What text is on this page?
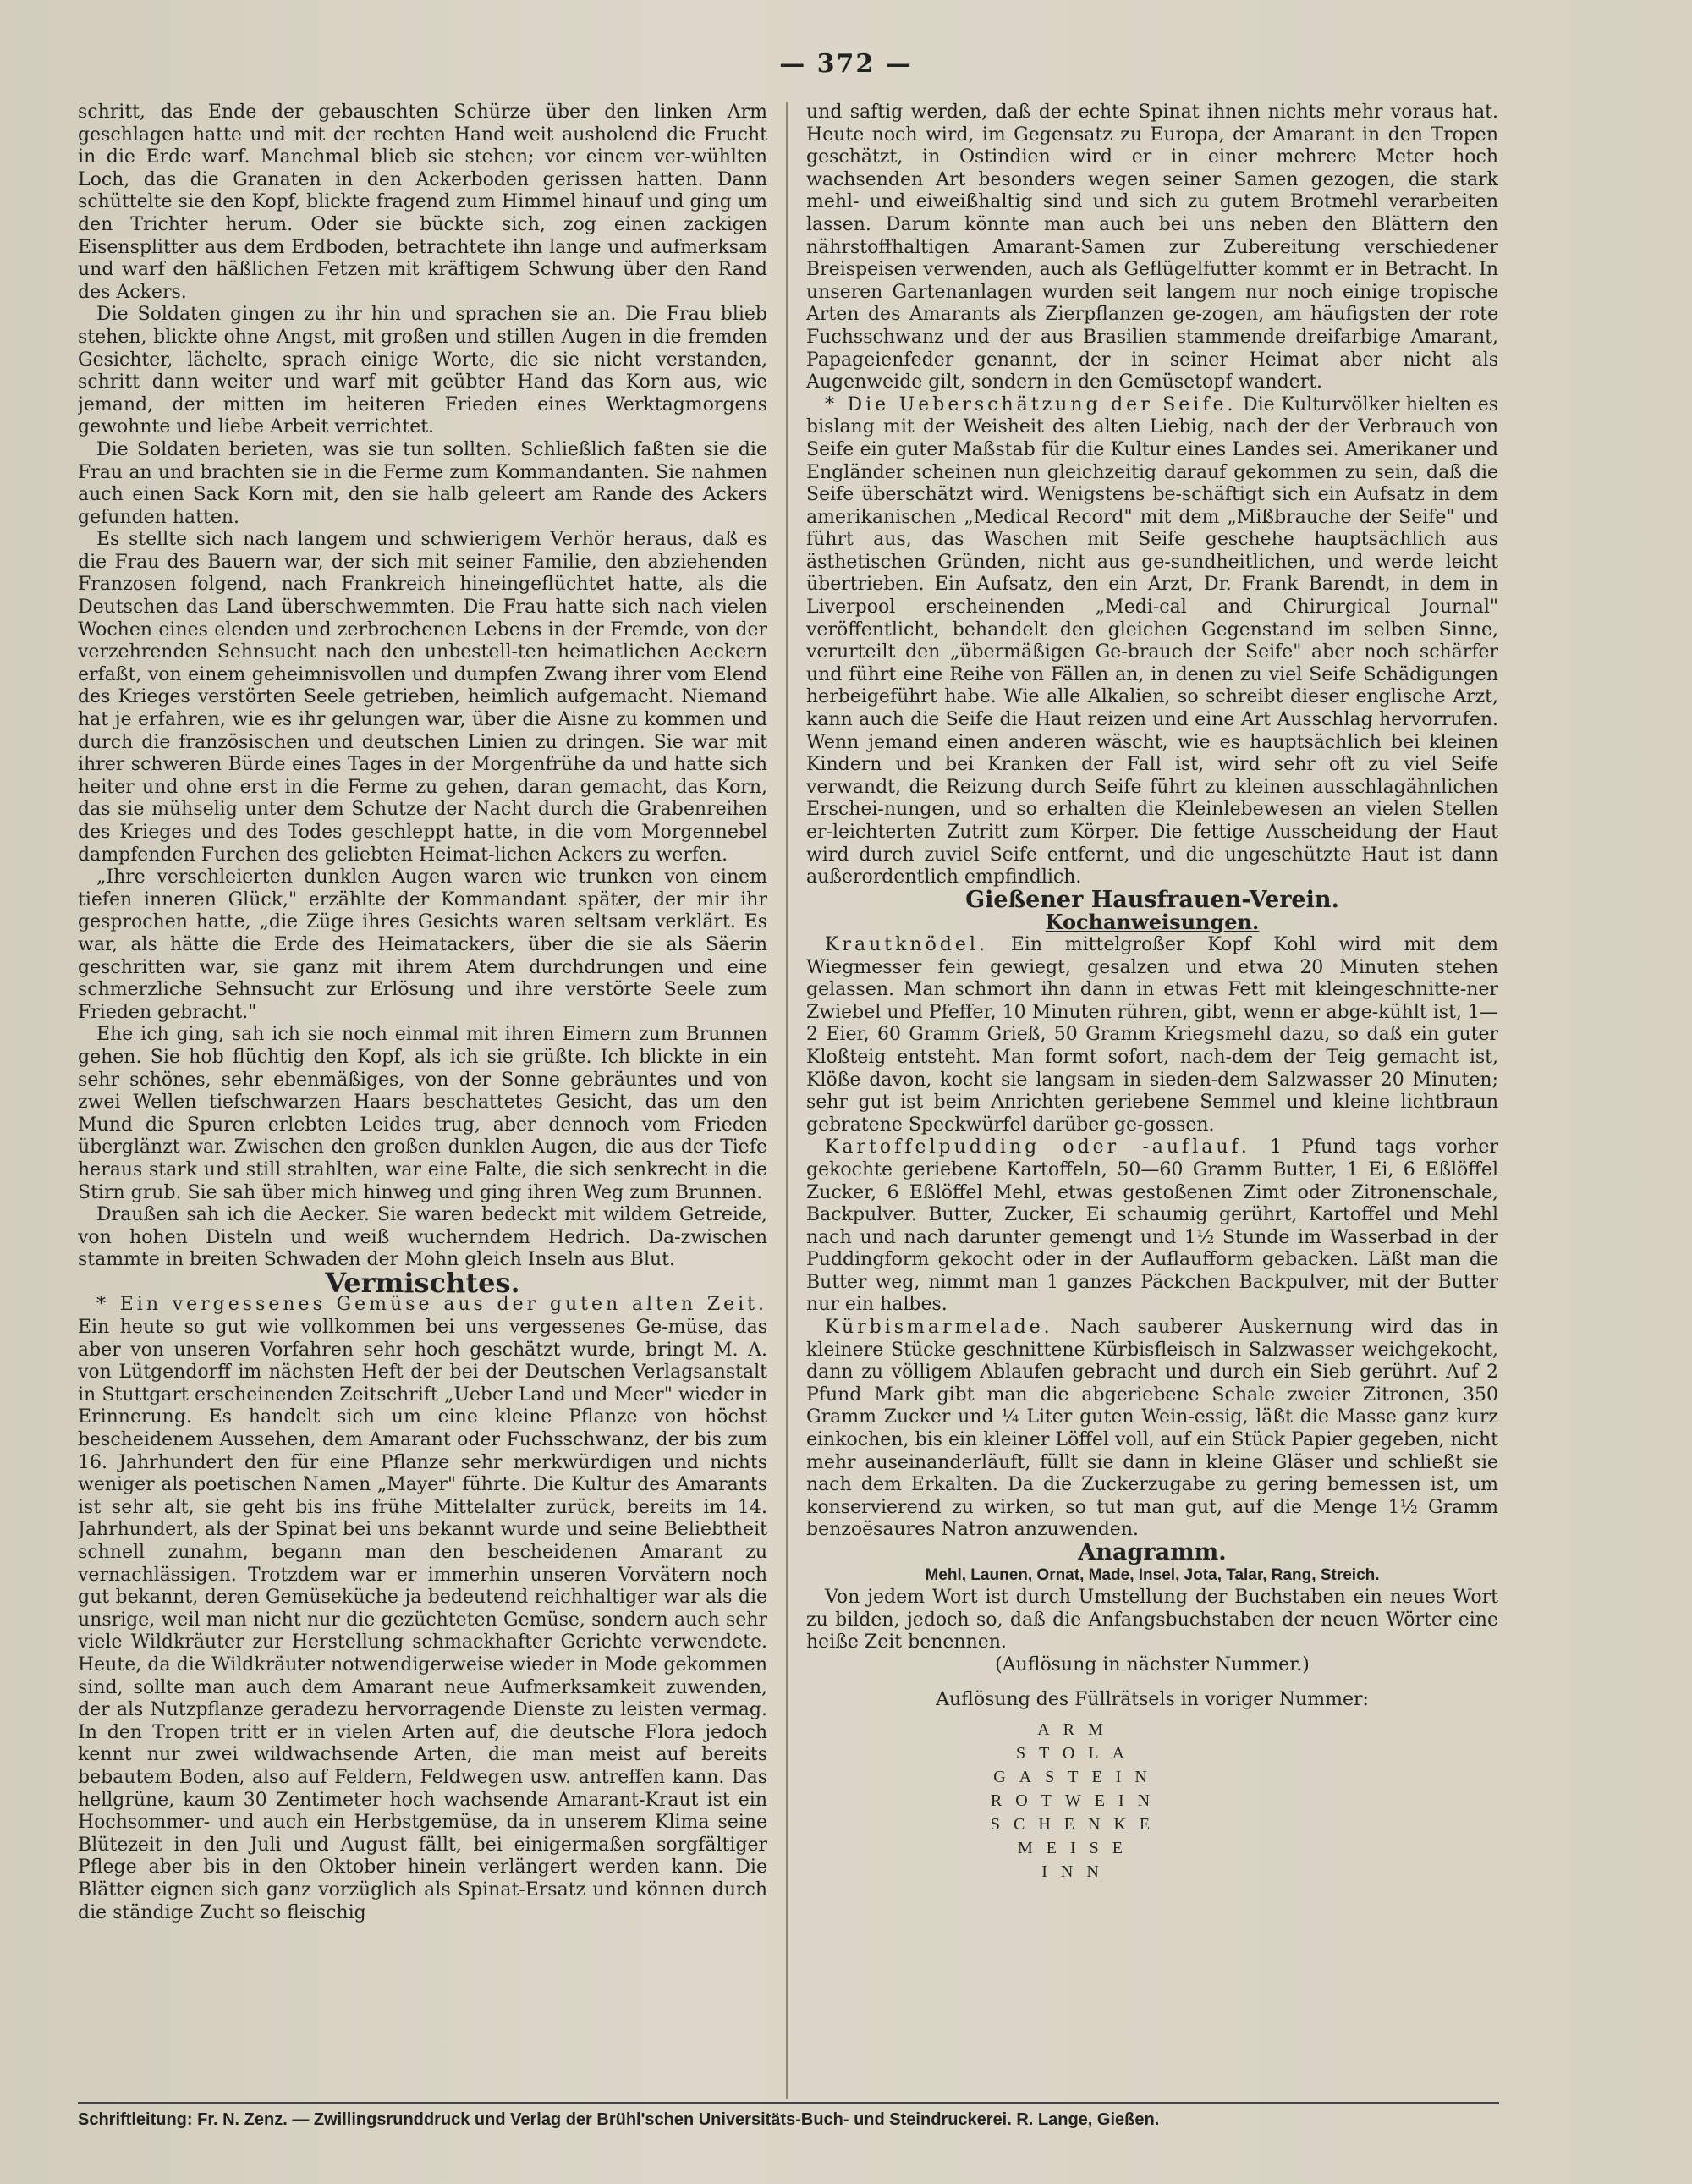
— 372 —

schritt, das Ende der gebauschten Schürze über den linken Arm geschlagen hatte und mit der rechten Hand weit ausholend die Frucht in die Erde warf. Manchmal blieb sie stehen; vor einem ver-wühlten Loch, das die Granaten in den Ackerboden gerissen hatten. Dann schüttelte sie den Kopf, blickte fragend zum Himmel hinauf und ging um den Trichter herum. Oder sie bückte sich, zog einen zackigen Eisensplitter aus dem Erdboden, betrachtete ihn lange und aufmerksam und warf den häßlichen Fetzen mit kräftigem Schwung über den Rand des Ackers.

Die Soldaten gingen zu ihr hin und sprachen sie an. Die Frau blieb stehen, blickte ohne Angst, mit großen und stillen Augen in die fremden Gesichter, lächelte, sprach einige Worte, die sie nicht verstanden, schritt dann weiter und warf mit geübter Hand das Korn aus, wie jemand, der mitten im heiteren Frieden eines Werktagmorgens gewohnte und liebe Arbeit verrichtet.

Die Soldaten berieten, was sie tun sollten. Schließlich faßten sie die Frau an und brachten sie in die Ferme zum Kommandanten. Sie nahmen auch einen Sack Korn mit, den sie halb geleert am Rande des Ackers gefunden hatten.

Es stellte sich nach langem und schwierigem Verhör heraus, daß es die Frau des Bauern war, der sich mit seiner Familie, den abziehenden Franzosen folgend, nach Frankreich hineingeflüchtet hatte, als die Deutschen das Land überschwemmten. Die Frau hatte sich nach vielen Wochen eines elenden und zerbrochenen Lebens in der Fremde, von der verzehrenden Sehnsucht nach den unbestell-ten heimatlichen Aeckern erfaßt, von einem geheimnisvollen und dumpfen Zwang ihrer vom Elend des Krieges verstörten Seele getrieben, heimlich aufgemacht. Niemand hat je erfahren, wie es ihr gelungen war, über die Aisne zu kommen und durch die französischen und deutschen Linien zu dringen. Sie war mit ihrer schweren Bürde eines Tages in der Morgenfrühe da und hatte sich heiter und ohne erst in die Ferme zu gehen, daran gemacht, das Korn, das sie mühselig unter dem Schutze der Nacht durch die Grabenreihen des Krieges und des Todes geschleppt hatte, in die vom Morgennebel dampfenden Furchen des geliebten Heimat-lichen Ackers zu werfen.

„Ihre verschleierten dunklen Augen waren wie trunken von einem tiefen inneren Glück," erzählte der Kommandant später, der mir ihr gesprochen hatte, „die Züge ihres Gesichts waren seltsam verklärt. Es war, als hätte die Erde des Heimatackers, über die sie als Säerin geschritten war, sie ganz mit ihrem Atem durchdrungen und eine schmerzliche Sehnsucht zur Erlösung und ihre verstörte Seele zum Frieden gebracht."

Ehe ich ging, sah ich sie noch einmal mit ihren Eimern zum Brunnen gehen. Sie hob flüchtig den Kopf, als ich sie grüßte. Ich blickte in ein sehr schönes, sehr ebenmäßiges, von der Sonne gebräuntes und von zwei Wellen tiefschwarzen Haars beschattetes Gesicht, das um den Mund die Spuren erlebten Leides trug, aber dennoch vom Frieden überglänzt war. Zwischen den großen dunklen Augen, die aus der Tiefe heraus stark und still strahlten, war eine Falte, die sich senkrecht in die Stirn grub. Sie sah über mich hinweg und ging ihren Weg zum Brunnen.

Draußen sah ich die Aecker. Sie waren bedeckt mit wildem Getreide, von hohen Disteln und weiß wucherndem Hedrich. Da-zwischen stammte in breiten Schwaden der Mohn gleich Inseln aus Blut.

Vermischtes.

* Ein vergessenes Gemüse aus der guten alten Zeit. Ein heute so gut wie vollkommen bei uns vergessenes Ge-müse, das aber von unseren Vorfahren sehr hoch geschätzt wurde, bringt M. A. von Lütgendorff im nächsten Heft der bei der Deutschen Verlagsanstalt in Stuttgart erscheinenden Zeitschrift „Ueber Land und Meer" wieder in Erinnerung. Es handelt sich um eine kleine Pflanze von höchst bescheidenem Aussehen, dem Amarant oder Fuchsschwanz, der bis zum 16. Jahrhundert den für eine Pflanze sehr merkwürdigen und nichts weniger als poetischen Namen „Mayer" führte. Die Kultur des Amarants ist sehr alt, sie geht bis ins frühe Mittelalter zurück, bereits im 14. Jahrhundert, als der Spinat bei uns bekannt wurde und seine Beliebtheit schnell zunahm, begann man den bescheidenen Amarant zu vernachlässigen. Trotzdem war er immerhin unseren Vorvätern noch gut bekannt, deren Gemüseküche ja bedeutend reichhaltiger war als die unsrige, weil man nicht nur die gezüchteten Gemüse, sondern auch sehr viele Wildkräuter zur Herstellung schmackhafter Gerichte verwendete. Heute, da die Wildkräuter notwendigerweise wieder in Mode gekommen sind, sollte man auch dem Amarant neue Aufmerksamkeit zuwenden, der als Nutzpflanze geradezu hervorragende Dienste zu leisten vermag. In den Tropen tritt er in vielen Arten auf, die deutsche Flora jedoch kennt nur zwei wildwachsende Arten, die man meist auf bereits bebautem Boden, also auf Feldern, Feldwegen usw. antreffen kann. Das hellgrüne, kaum 30 Zentimeter hoch wachsende Amarant-Kraut ist ein Hochsommer- und auch ein Herbstgemüse, da in unserem Klima seine Blütezeit in den Juli und August fällt, bei einigermaßen sorgfältiger Pflege aber bis in den Oktober hinein verlängert werden kann. Die Blätter eignen sich ganz vorzüglich als Spinat-Ersatz und können durch die ständige Zucht so fleischig

und saftig werden, daß der echte Spinat ihnen nichts mehr voraus hat. Heute noch wird, im Gegensatz zu Europa, der Amarant in den Tropen geschätzt, in Ostindien wird er in einer mehrere Meter hoch wachsenden Art besonders wegen seiner Samen gezogen, die stark mehl- und eiweißhaltig sind und sich zu gutem Brotmehl verarbeiten lassen. Darum könnte man auch bei uns neben den Blättern den nährstoffhaltigen Amarant-Samen zur Zubereitung verschiedener Breispeisen verwenden, auch als Geflügelfutter kommt er in Betracht. In unseren Gartenanlagen wurden seit langem nur noch einige tropische Arten des Amarants als Zierpflanzen ge-zogen, am häufigsten der rote Fuchsschwanz und der aus Brasilien stammende dreifarbige Amarant, Papageienfeder genannt, der in seiner Heimat aber nicht als Augenweide gilt, sondern in den Gemüsetopf wandert.

* Die Ueberschätzung der Seife. Die Kulturvölker hielten es bislang mit der Weisheit des alten Liebig, nach der der Verbrauch von Seife ein guter Maßstab für die Kultur eines Landes sei. Amerikaner und Engländer scheinen nun gleichzeitig darauf gekommen zu sein, daß die Seife überschätzt wird. Wenigstens be-schäftigt sich ein Aufsatz in dem amerikanischen „Medical Record" mit dem „Mißbrauche der Seife" und führt aus, das Waschen mit Seife geschehe hauptsächlich aus ästhetischen Gründen, nicht aus ge-sundheitlichen, und werde leicht übertrieben. Ein Aufsatz, den ein Arzt, Dr. Frank Barendt, in dem in Liverpool erscheinenden „Medi-cal and Chirurgical Journal" veröffentlicht, behandelt den gleichen Gegenstand im selben Sinne, verurteilt den „übermäßigen Ge-brauch der Seife" aber noch schärfer und führt eine Reihe von Fällen an, in denen zu viel Seife Schädigungen herbeigeführt habe. Wie alle Alkalien, so schreibt dieser englische Arzt, kann auch die Seife die Haut reizen und eine Art Ausschlag hervorrufen. Wenn jemand einen anderen wäscht, wie es hauptsächlich bei kleinen Kindern und bei Kranken der Fall ist, wird sehr oft zu viel Seife verwandt, die Reizung durch Seife führt zu kleinen ausschlagähnlichen Erschei-nungen, und so erhalten die Kleinlebewesen an vielen Stellen er-leichterten Zutritt zum Körper. Die fettige Ausscheidung der Haut wird durch zuviel Seife entfernt, und die ungeschützte Haut ist dann außerordentlich empfindlich.

Gießener Hausfrauen-Verein.

Kochanweisungen.

Krautknödel. Ein mittelgroßer Kopf Kohl wird mit dem Wiegmesser fein gewiegt, gesalzen und etwa 20 Minuten stehen gelassen. Man schmort ihn dann in etwas Fett mit kleingeschnitte-ner Zwiebel und Pfeffer, 10 Minuten rühren, gibt, wenn er abge-kühlt ist, 1—2 Eier, 60 Gramm Grieß, 50 Gramm Kriegsmehl dazu, so daß ein guter Kloßteig entsteht. Man formt sofort, nach-dem der Teig gemacht ist, Klöße davon, kocht sie langsam in sieden-dem Salzwasser 20 Minuten; sehr gut ist beim Anrichten geriebene Semmel und kleine lichtbraun gebratene Speckwürfel darüber ge-gossen.

Kartoffelpudding oder -auflauf. 1 Pfund tags vorher gekochte geriebene Kartoffeln, 50—60 Gramm Butter, 1 Ei, 6 Eßlöffel Zucker, 6 Eßlöffel Mehl, etwas gestoßenen Zimt oder Zitronenschale, Backpulver. Butter, Zucker, Ei schaumig gerührt, Kartoffel und Mehl nach und nach darunter gemengt und 1½ Stunde im Wasserbad in der Puddingform gekocht oder in der Auflaufform gebacken. Läßt man die Butter weg, nimmt man 1 ganzes Päckchen Backpulver, mit der Butter nur ein halbes.

Kürbismarmelade. Nach sauberer Auskernung wird das in kleinere Stücke geschnittene Kürbisfleisch in Salzwasser weichgekocht, dann zu völligem Ablaufen gebracht und durch ein Sieb gerührt. Auf 2 Pfund Mark gibt man die abgeriebene Schale zweier Zitronen, 350 Gramm Zucker und ¼ Liter guten Wein-essig, läßt die Masse ganz kurz einkochen, bis ein kleiner Löffel voll, auf ein Stück Papier gegeben, nicht mehr auseinanderläuft, füllt sie dann in kleine Gläser und schließt sie nach dem Erkalten. Da die Zuckerzugabe zu gering bemessen ist, um konservierend zu wirken, so tut man gut, auf die Menge 1½ Gramm benzoësaures Natron anzuwenden.

Anagramm.

Mehl, Launen, Ornat, Made, Insel, Jota, Talar, Rang, Streich.

Von jedem Wort ist durch Umstellung der Buchstaben ein neues Wort zu bilden, jedoch so, daß die Anfangsbuchstaben der neuen Wörter eine heiße Zeit benennen.

(Auflösung in nächster Nummer.)

Auflösung des Füllrätsels in voriger Nummer:

ARM
STOLA
GASTEIN
ROTWEIN
SCHENKE
MEISE
INN
Schriftleitung: Fr. N. Zenz. — Zwillingsrunddruck und Verlag der Brühl'schen Universitäts-Buch- und Steindruckerei. R. Lange, Gießen.
